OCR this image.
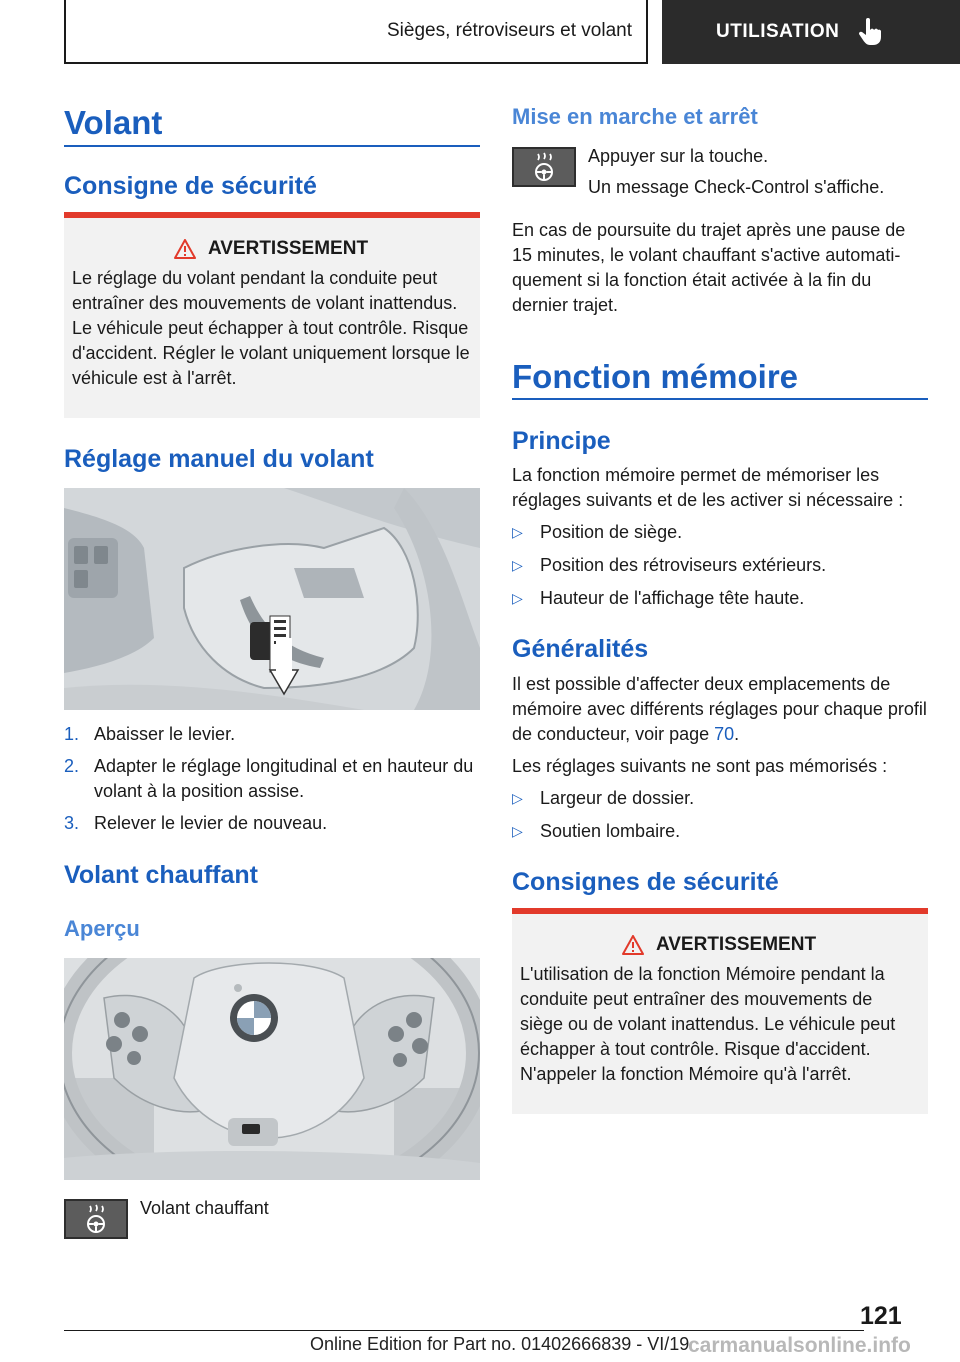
Sièges, rétroviseurs et volant	UTILISATION
Volant
Consigne de sécurité
AVERTISSEMENT

Le réglage du volant pendant la conduite peut entraîner des mouvements de volant inattendus. Le véhicule peut échapper à tout contrôle. Risque d'accident. Régler le volant uniquement lorsque le véhicule est à l'arrêt.

Réglage manuel du volant
1. Abaisser le levier.
2. Adapter le réglage longitudinal et en hauteur du volant à la position assise.
3. Relever le levier de nouveau.
Volant chauffant
Aperçu

Volant chauffant

Mise en marche et arrêt

Appuyer sur la touche.

Un message Check-Control s'affiche.

En cas de poursuite du trajet après une pause de 15 minutes, le volant chauffant s'active automatiquement si la fonction était activée à la fin du dernier trajet.

Fonction mémoire
Principe

La fonction mémoire permet de mémoriser les réglages suivants et de les activer si nécessaire :

▷ Position de siège.
▷ Position des rétroviseurs extérieurs.
▷ Hauteur de l'affichage tête haute.
Généralités

Il est possible d'affecter deux emplacements de mémoire avec différents réglages pour chaque profil de conducteur, voir page 70.

Les réglages suivants ne sont pas mémorisés :

▷ Largeur de dossier.
▷ Soutien lombaire.
Consignes de sécurité
AVERTISSEMENT

L'utilisation de la fonction Mémoire pendant la conduite peut entraîner des mouvements de siège ou de volant inattendus. Le véhicule peut échapper à tout contrôle. Risque d'accident. N'appeler la fonction Mémoire qu'à l'arrêt.

121
Online Edition for Part no. 01402666839 - VI/19
carmanualsonline.info
